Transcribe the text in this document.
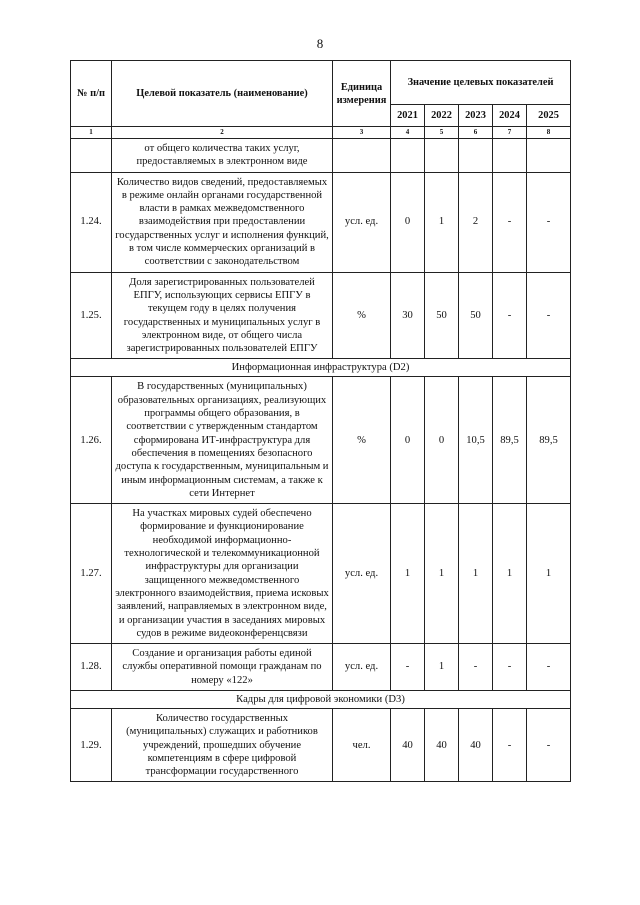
8
№ п/п	Целевой показатель (наименование)	Единица измерения	Значение целевых показателей				
			2021	2022	2023	2024	2025
1	2	3	4	5	6	7	8
	от общего количества таких услуг, предоставляемых в электронном виде						
1.24.	Количество видов сведений, предоставляемых в режиме онлайн органами государственной власти в рамках межведомственного взаимодействия при предоставлении государственных услуг и исполнения функций, в том числе коммерческих организаций в соответствии с законодательством	усл. ед.	0	1	2	-	-
1.25.	Доля зарегистрированных пользователей ЕПГУ, использующих сервисы ЕПГУ в текущем году в целях получения государственных и муниципальных услуг в электронном виде, от общего числа зарегистрированных пользователей ЕПГУ	%	30	50	50	-	-
Информационная инфраструктура (D2)							
1.26.	В государственных (муниципальных) образовательных организациях, реализующих программы общего образования, в соответствии с утвержденным стандартом сформирована ИТ-инфраструктура для обеспечения в помещениях безопасного доступа к государственным, муниципальным и иным информационным системам, а также к сети Интернет	%	0	0	10,5	89,5	89,5
1.27.	На участках мировых судей обеспечено формирование и функционирование необходимой информационно-технологической и телекоммуникационной инфраструктуры для организации защищенного межведомственного электронного взаимодействия, приема исковых заявлений, направляемых в электронном виде, и организации участия в заседаниях мировых судов в режиме видеоконференцсвязи	усл. ед.	1	1	1	1	1
1.28.	Создание и организация работы единой службы оперативной помощи гражданам по номеру «122»	усл. ед.	-	1	-	-	-
Кадры для цифровой экономики (D3)							
1.29.	Количество государственных (муниципальных) служащих и работников учреждений, прошедших обучение компетенциям в сфере цифровой трансформации государственного	чел.	40	40	40	-	-
